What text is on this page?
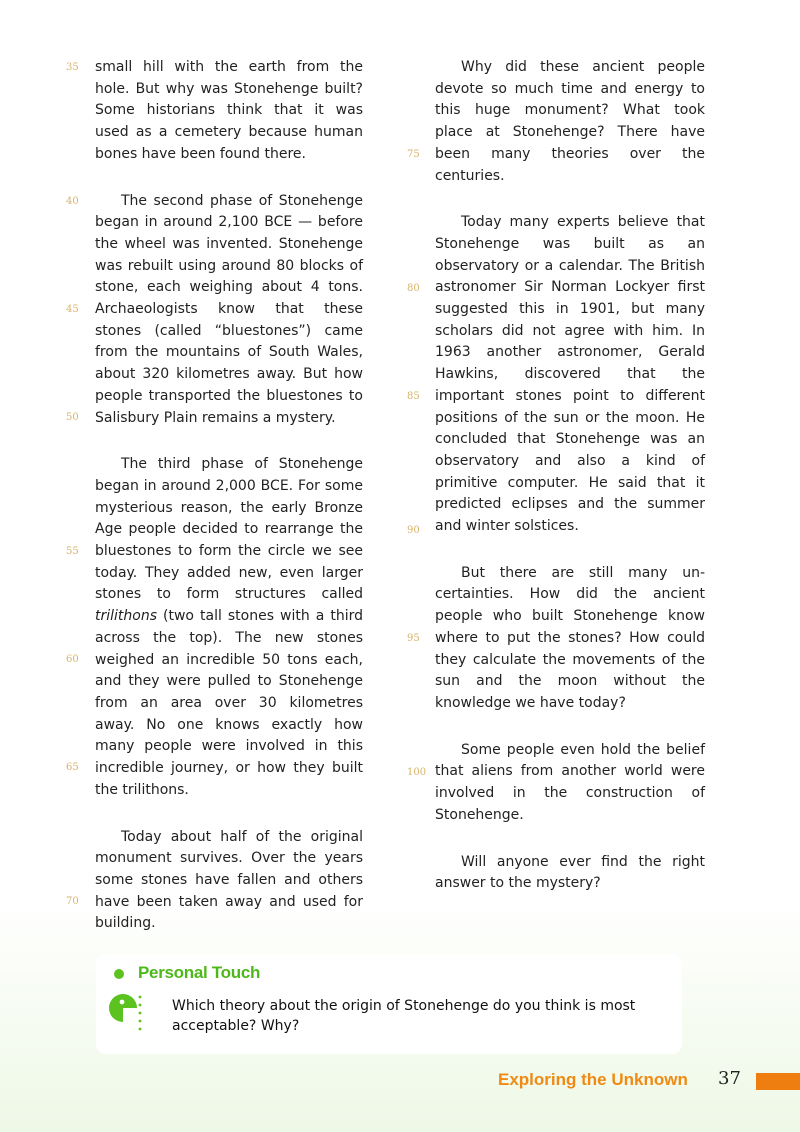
small hill with the earth from the hole. But why was Stonehenge built? Some historians think that it was used as a cemetery because human bones have been found there.

The second phase of Stonehenge began in around 2,100 BCE — before the wheel was invented. Stonehenge was rebuilt using around 80 blocks of stone, each weighing about 4 tons. Archaeologists know that these stones (called “bluestones”) came from the mountains of South Wales, about 320 kilometres away. But how people transported the bluestones to Salisbury Plain remains a mystery.

The third phase of Stonehenge began in around 2,000 BCE. For some mysterious reason, the early Bronze Age people decided to rearrange the bluestones to form the circle we see today. They added new, even larger stones to form structures called trilithons (two tall stones with a third across the top). The new stones weighed an incredible 50 tons each, and they were pulled to Stonehenge from an area over 30 kilometres away. No one knows exactly how many people were involved in this incredible journey, or how they built the trilithons.

Today about half of the original monument survives. Over the years some stones have fallen and others have been taken away and used for building.

Why did these ancient people devote so much time and energy to this huge monument? What took place at Stonehenge? There have been many theories over the centuries.

Today many experts believe that Stonehenge was built as an observatory or a calendar. The British astronomer Sir Norman Lockyer first suggested this in 1901, but many scholars did not agree with him. In 1963 another astronomer, Gerald Hawkins, discovered that the important stones point to different positions of the sun or the moon. He concluded that Stonehenge was an observatory and also a kind of primitive computer. He said that it predicted eclipses and the summer and winter solstices.

But there are still many un-certainties. How did the ancient people who built Stonehenge know where to put the stones? How could they calculate the movements of the sun and the moon without the knowledge we have today?

Some people even hold the belief that aliens from another world were involved in the construction of Stonehenge.

Will anyone ever find the right answer to the mystery?

35
40
45
50
55
60
65
70
75
80
85
90
95
100
Personal Touch
Which theory about the origin of Stonehenge do you think is most acceptable? Why?
Exploring the Unknown 37
